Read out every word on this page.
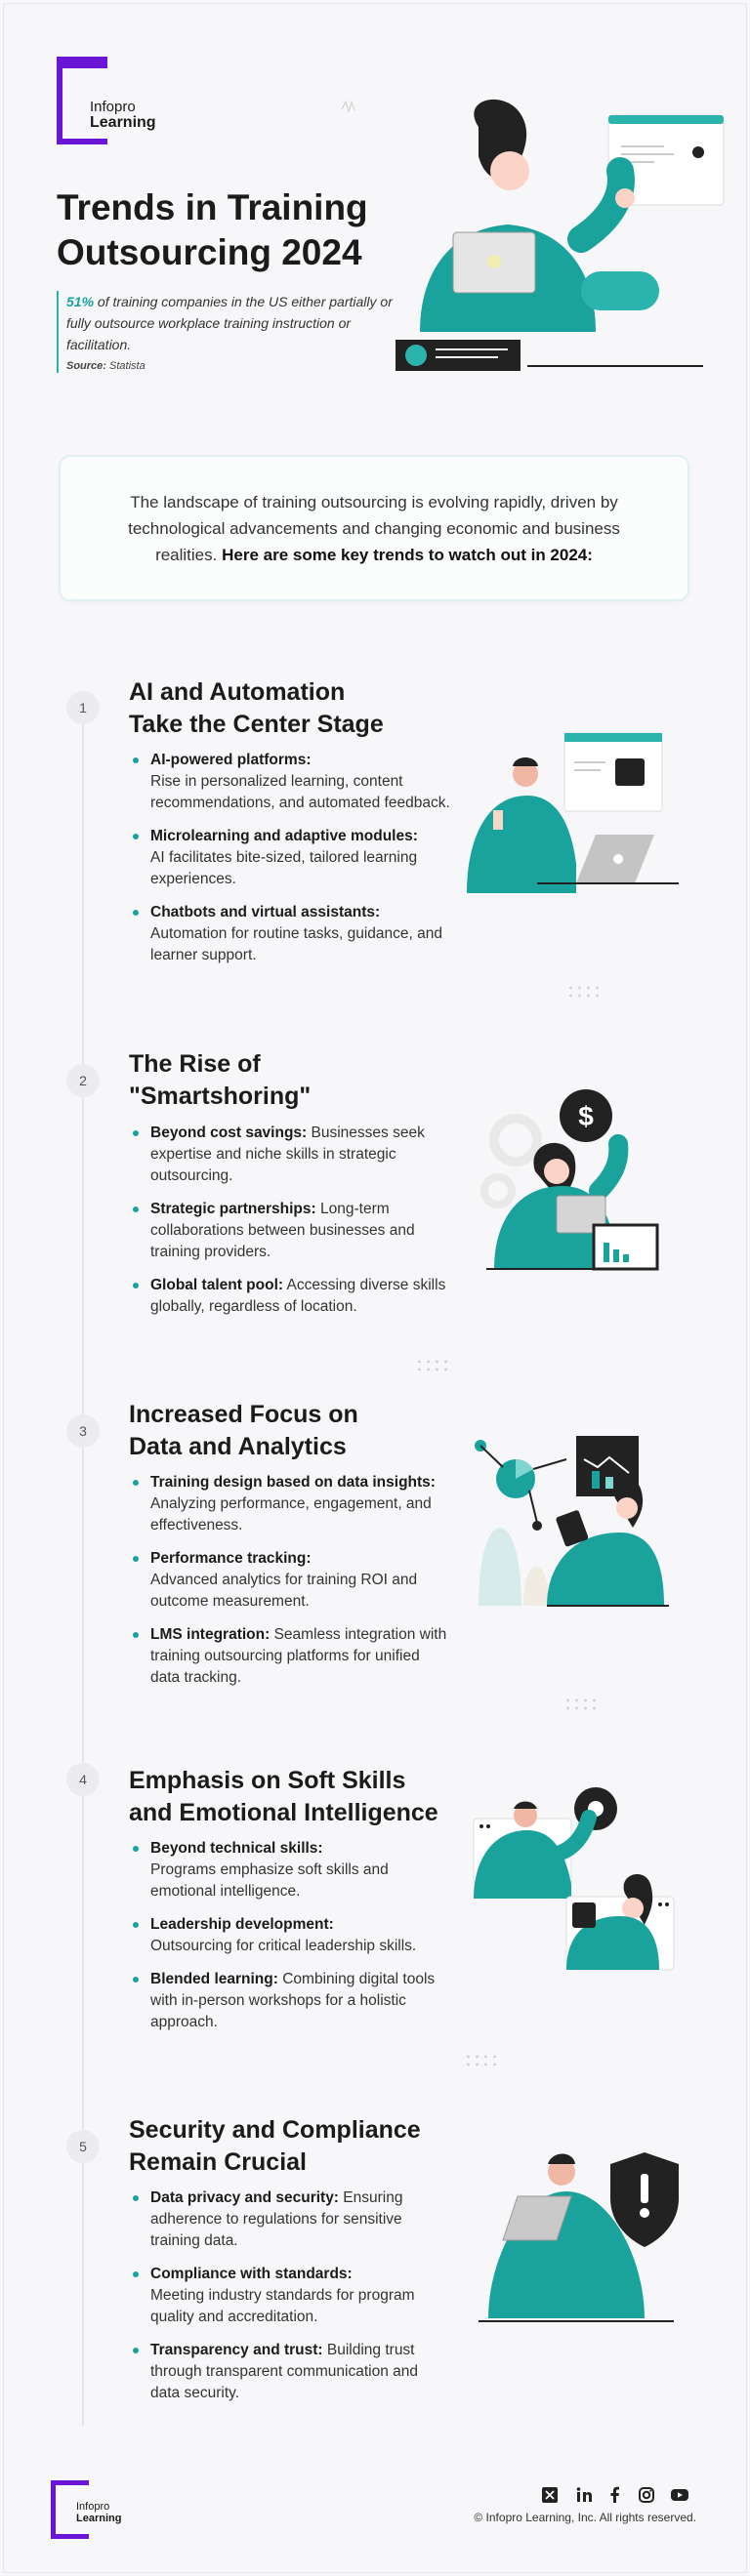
Infopro
Learning
Trends in Training
Outsourcing 2024

51% of training companies in the US either partially or fully outsource workplace training instruction or facilitation.

Source: Statista

The landscape of training outsourcing is evolving rapidly, driven by technological advancements and changing economic and business realities. Here are some key trends to watch out in 2024:

1
AI and Automation
Take the Center Stage
AI-powered platforms:
Rise in personalized learning, content recommendations, and automated feedback.
Microlearning and adaptive modules:
AI facilitates bite-sized, tailored learning experiences.
Chatbots and virtual assistants:
Automation for routine tasks, guidance, and learner support.
2
The Rise of
"Smartshoring"
Beyond cost savings: Businesses seek expertise and niche skills in strategic outsourcing.
Strategic partnerships: Long-term collaborations between businesses and training providers.
Global talent pool: Accessing diverse skills globally, regardless of location.
$
3
Increased Focus on
Data and Analytics
Training design based on data insights: Analyzing performance, engagement, and effectiveness.
Performance tracking:
Advanced analytics for training ROI and outcome measurement.
LMS integration: Seamless integration with training outsourcing platforms for unified data tracking.
4	Emphasis on Soft Skills
and Emotional Intelligence
Beyond technical skills:
Programs emphasize soft skills and emotional intelligence.
Leadership development:
Outsourcing for critical leadership skills.
Blended learning: Combining digital tools with in-person workshops for a holistic approach.
5
Security and Compliance
Remain Crucial
Data privacy and security: Ensuring adherence to regulations for sensitive training data.
Compliance with standards:
Meeting industry standards for program quality and accreditation.
Transparency and trust: Building trust through transparent communication and data security.
Infopro
Learning	© Infopro Learning, Inc. All rights reserved.
